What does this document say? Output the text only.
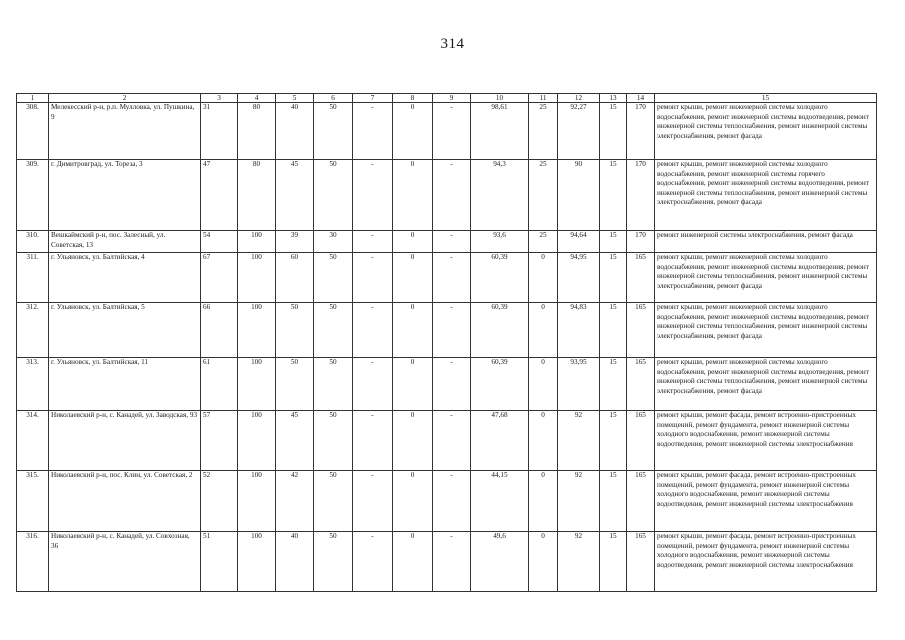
314
1	2	3	4	5	6	7	8	9	10	11	12	13	14	15
308.	Мелекесский р-н, р.п. Мулловка, ул. Пушкина, 9	31	80	40	50	-	0	-	98,61	25	92,27	15	170	ремонт крыши, ремонт инженерной системы холодного водоснабжения, ремонт инженерной системы водоотведения, ремонт инженерной системы теплоснабжения, ремонт инженерной системы электроснабжения, ремонт фасада
309.	г. Димитровград, ул. Тореза, 3	47	80	45	50	-	0	-	94,3	25	90	15	170	ремонт крыши, ремонт инженерной системы холодного водоснабжения, ремонт инженерной системы горячего водоснабжения, ремонт инженерной системы водоотведения, ремонт инженерной системы теплоснабжения, ремонт инженерной системы электроснабжения, ремонт фасада
310.	Вешкаймский р-н, пос. Залесный, ул. Советская, 13	54	100	39	30	-	0	-	93,6	25	94,64	15	170	ремонт инженерной системы электроснабжения, ремонт фасада
311.	г. Ульяновск, ул. Балтийская, 4	67	100	60	50	-	0	-	60,39	0	94,95	15	165	ремонт крыши, ремонт инженерной системы холодного водоснабжения, ремонт инженерной системы водоотведения, ремонт инженерной системы теплоснабжения, ремонт инженерной системы электроснабжения, ремонт фасада
312.	г. Ульяновск, ул. Балтийская, 5	66	100	50	50	-	0	-	60,39	0	94,83	15	165	ремонт крыши, ремонт инженерной системы холодного водоснабжения, ремонт инженерной системы водоотведения, ремонт инженерной системы теплоснабжения, ремонт инженерной системы электроснабжения, ремонт фасада
313.	г. Ульяновск, ул. Балтийская, 11	61	100	50	50	-	0	-	60,39	0	93,95	15	165	ремонт крыши, ремонт инженерной системы холодного водоснабжения, ремонт инженерной системы водоотведения, ремонт инженерной системы теплоснабжения, ремонт инженерной системы электроснабжения, ремонт фасада
314.	Николаевский р-н, с. Канадей, ул. Заводская, 93	57	100	45	50	-	0	-	47,68	0	92	15	165	ремонт крыши, ремонт фасада, ремонт встроенно-пристроенных помещений, ремонт фундамента, ремонт инженерной системы холодного водоснабжения, ремонт инженерной системы водоотведения, ремонт инженерной системы электроснабжения
315.	Николаевский р-н, пос. Клин, ул. Советская, 2	52	100	42	50	-	0	-	44,15	0	92	15	165	ремонт крыши, ремонт фасада, ремонт встроенно-пристроенных помещений, ремонт фундамента, ремонт инженерной системы холодного водоснабжения, ремонт инженерной системы водоотведения, ремонт инженерной системы электроснабжения
316.	Николаевский р-н, с. Канадей, ул. Совхозная, 36	51	100	40	50	-	0	-	49,6	0	92	15	165	ремонт крыши, ремонт фасада, ремонт встроенно-пристроенных помещений, ремонт фундамента, ремонт инженерной системы холодного водоснабжения, ремонт инженерной системы водоотведения, ремонт инженерной системы электроснабжения
